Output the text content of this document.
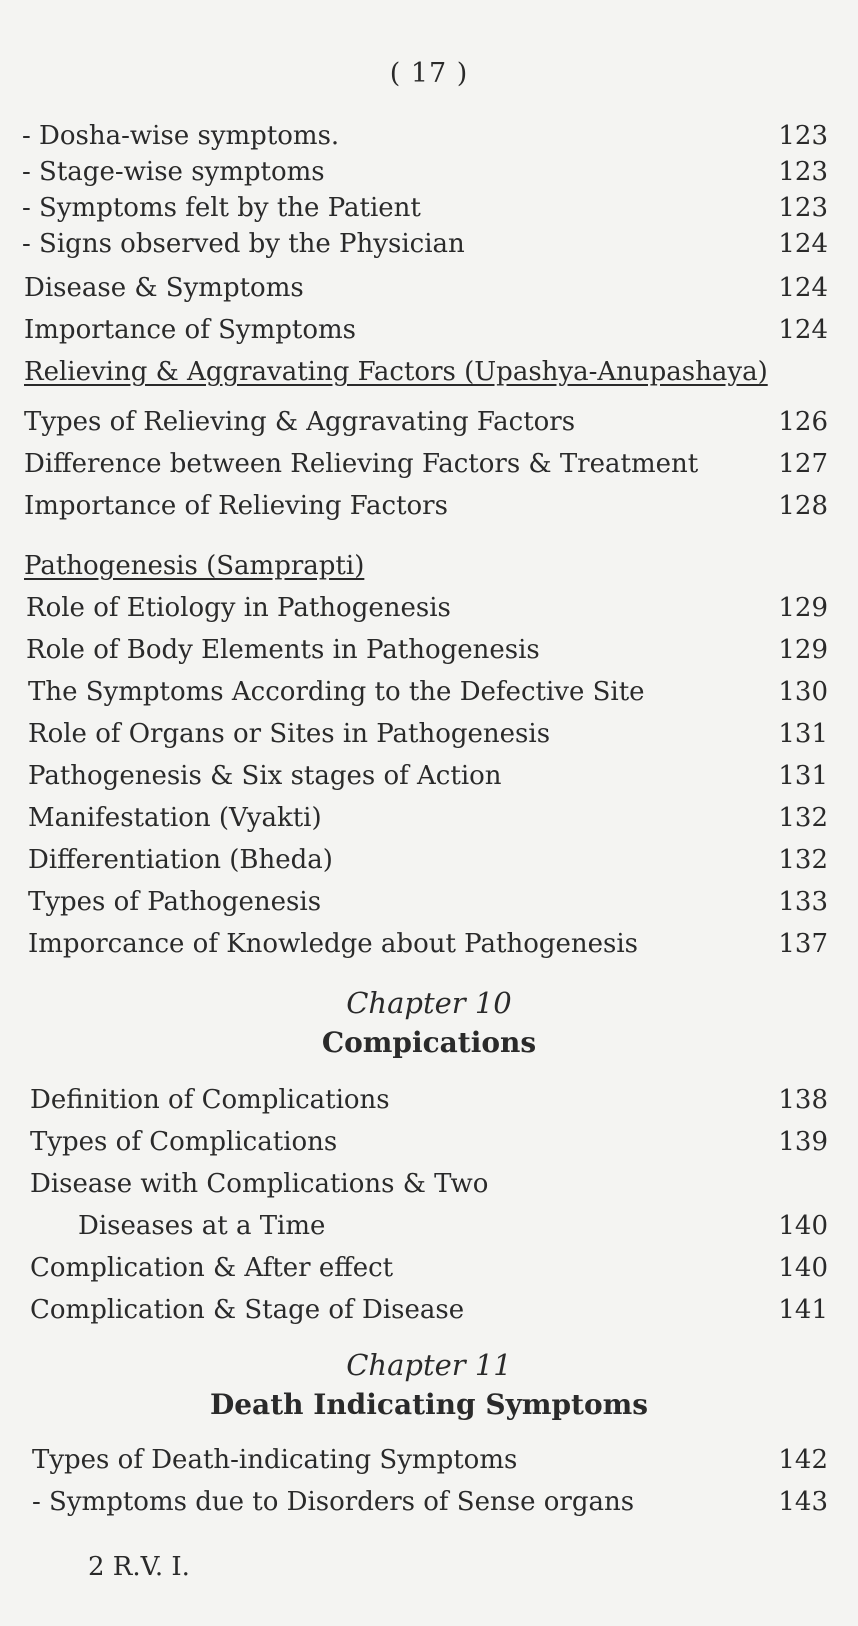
( 17 )
- Dosha-wise symptoms.	123
- Stage-wise symptoms	123
- Symptoms felt by the Patient	123
- Signs observed by the Physician	124
Disease & Symptoms	124
Importance of Symptoms	124
Relieving & Aggravating Factors (Upashya-Anupashaya)
Types of Relieving & Aggravating Factors	126
Difference between Relieving Factors & Treatment	127
Importance of Relieving Factors	128
Pathogenesis (Samprapti)
Role of Etiology in Pathogenesis	129
Role of Body Elements in Pathogenesis	129
The Symptoms According to the Defective Site	130
Role of Organs or Sites in Pathogenesis	131
Pathogenesis & Six stages of Action	131
Manifestation (Vyakti)	132
Differentiation (Bheda)	132
Types of Pathogenesis	133
Imporcance of Knowledge about Pathogenesis	137
Chapter 10
Compications
Definition of Complications	138
Types of Complications	139
Disease with Complications & Two
Diseases at a Time	140
Complication & After effect	140
Complication & Stage of Disease	141
Chapter 11
Death Indicating Symptoms
Types of Death-indicating Symptoms	142
- Symptoms due to Disorders of Sense organs	143
2 R.V. I.
